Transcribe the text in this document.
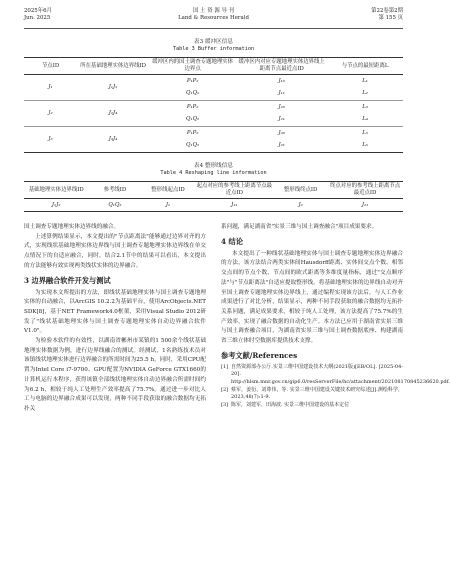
2025年6月
Jun. 2025
国 土 资 源 导 刊
Land & Resources Herald
第22卷第2期
第 155 页
表3 缓冲区信息
Table 3 Buffer information
节点ID	所在基础地理实体边界线ID	缓冲区内的国土调查专题地理实体边界点	缓冲区内对应专题地理实体边界线上距离节点最近点ID	与节点的最短距离L
J₁	J₁J₂	P₁P₂	J₁₀	L₁
		Q₁Q₂	J₁₁	L₂
J₂	J₂J₄	P₁P₂	J₂₀	L₃
		Q₁Q₂	J₂₁	L₄
J₃	J₃J₄	P₁P₂	J₃₀	L₅
		Q₁Q₂	J₃₁	L₆
表4 整形线信息
Table 4 Reshaping line information
基础地理实体边界线ID	参考线ID	整形线起点ID	起点对应的参考线上距离节点最近点ID	整形线终点ID	终点对应的参考线上距离节点最近点ID
J₁J₂	Q₁Q₂	J₁	J₁₁	J₂	J₂₁

国土调查专题地理实体边界线的融合。

上述算例结果显示，本文提出的"节点距离法"能够通过边界对齐的方式，实现线状基础地理实体边界线与国土调查专题地理实体边界线在单交点情况下的自适应融合，同时，结合2.1节中的结果可以看出，本文提出的方法能够有效实现两类线状实体的边界融合。

3 边界融合软件开发与测试

为实现本文所提出的方法，即线状基础地理实体与国土调查专题地理实体的自动融合，以ArcGIS 10.2.2为基础平台，使用ArcObjects.NET SDK[8]，基于NET Framework4.0框架，采用Visual Studio 2012研发了"线状基础地理实体与国土调查专题地理实体自动边界融合软件V1.0"。

为检验本软件的有效性，以湖南省郴州市某镇的1 500余个线状基础地理实体数据为例，进行边界线融合的测试。经测试，1名熟练技术员对该镇线状地理实体进行边界融合的所需时间为25.5 h。同时，采用CPU配置为Intel Core i7-9700、GPU配置为NVIDIA GeForce GTX1660的计算机运行本程序，获得该镇全部线状地理实体自动边界融合所需时间约为6.2 h，相较于纯人工处理生产效率提高了75.7%。通过进一步对比人工与电脑的边界融合成果可以发现，两种不同手段获取的融合数据均无拓扑关

系问题，满足湖南省"实景三维与国土调查融合"项目成果要求。

4 结论

本文提出了一种线状基础地理实体与国土调查专题地理实体边界融合的方法，该方法结合两类实体间Hausdorff距离、实体间交点个数、相邻交点间的节点个数、节点间的欧式距离等多维度量指标，通过"交点顺序法"与"节点距离法"自适应提取整形线，将基础地理实体的边界线自动对齐至国土调查专题地理实体边界线上，通过编程实现该方法后，与人工作业成果进行了对比分析，结果显示，两种不同手段获取的融合数据均无拓扑关系问题，满足成果要求，相较于纯人工处理，该方法提高了75.7%的生产效率，实现了融合数据的自动化生产。本方法已应用于湖南省实景三维与国土调查融合项目，为湖南省实景三维与国土调查数据底座、构建湖南省三维立体时空数据库提供技术支撑。

参考文献/References

[1] 自然资源部办公厅.实景三维中国建设技术大纲(2021版)[EB/OL]. [2025-04-20]. http://hlsm.mnr.gov.cn/gip6.0/resServerFile/hc/attachment/202108170845236620.pdf.

[2] 蔡军，姜衍，刘尊伟，等. 实景三维中国建设关键技术研究综述[J].测绘科学，2023,48(7):1-9.

[3] 陈军，刘建军，田海波. 实景三维中国建设的基本定位
